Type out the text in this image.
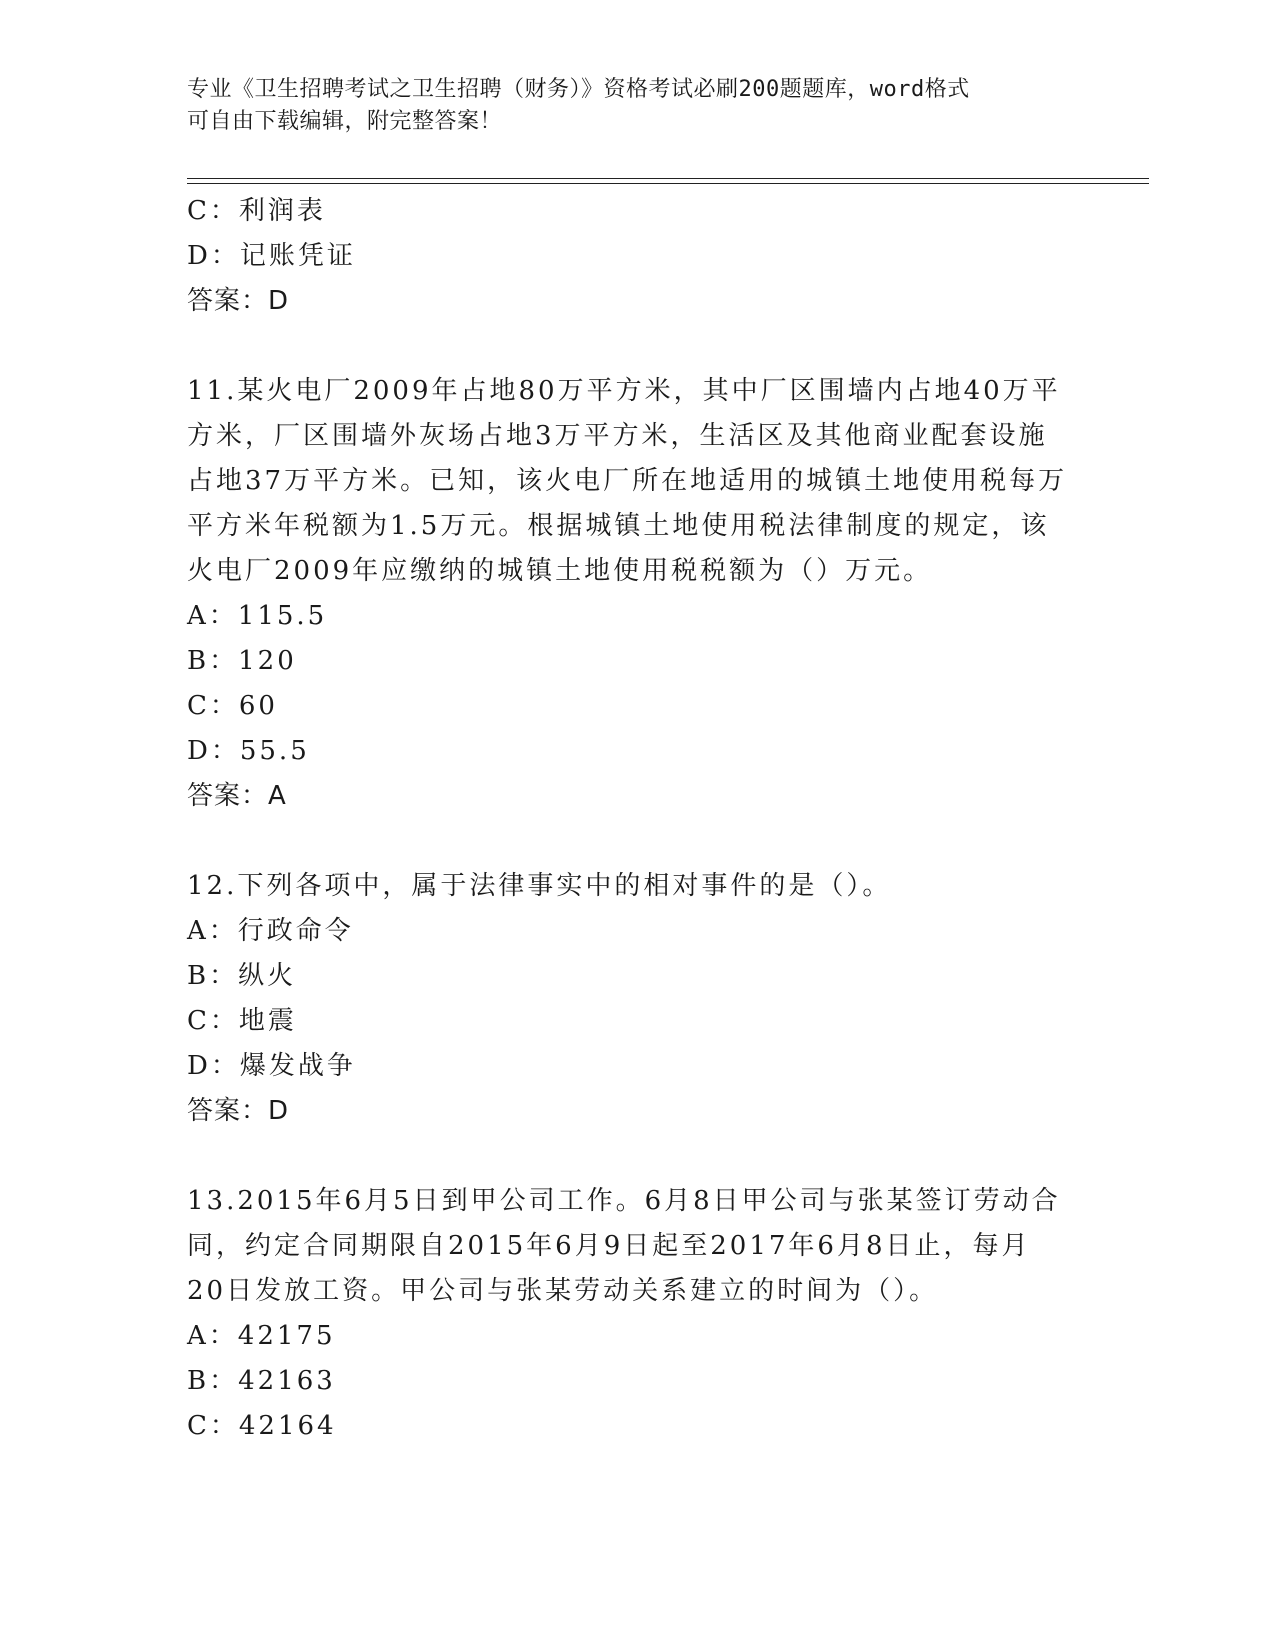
专业《卫生招聘考试之卫生招聘（财务）》资格考试必刷200题题库，word格式
可自由下载编辑，附完整答案！
C：利润表
D：记账凭证
答案：D
11.某火电厂2009年占地80万平方米，其中厂区围墙内占地40万平
方米，厂区围墙外灰场占地3万平方米，生活区及其他商业配套设施
占地37万平方米。已知，该火电厂所在地适用的城镇土地使用税每万
平方米年税额为1.5万元。根据城镇土地使用税法律制度的规定，该
火电厂2009年应缴纳的城镇土地使用税税额为（）万元。
A：115.5
B：120
C：60
D：55.5
答案：A
12.下列各项中，属于法律事实中的相对事件的是（）。
A：行政命令
B：纵火
C：地震
D：爆发战争
答案：D
13.2015年6月5日到甲公司工作。6月8日甲公司与张某签订劳动合
同，约定合同期限自2015年6月9日起至2017年6月8日止，每月
20日发放工资。甲公司与张某劳动关系建立的时间为（）。
A：42175
B：42163
C：42164
